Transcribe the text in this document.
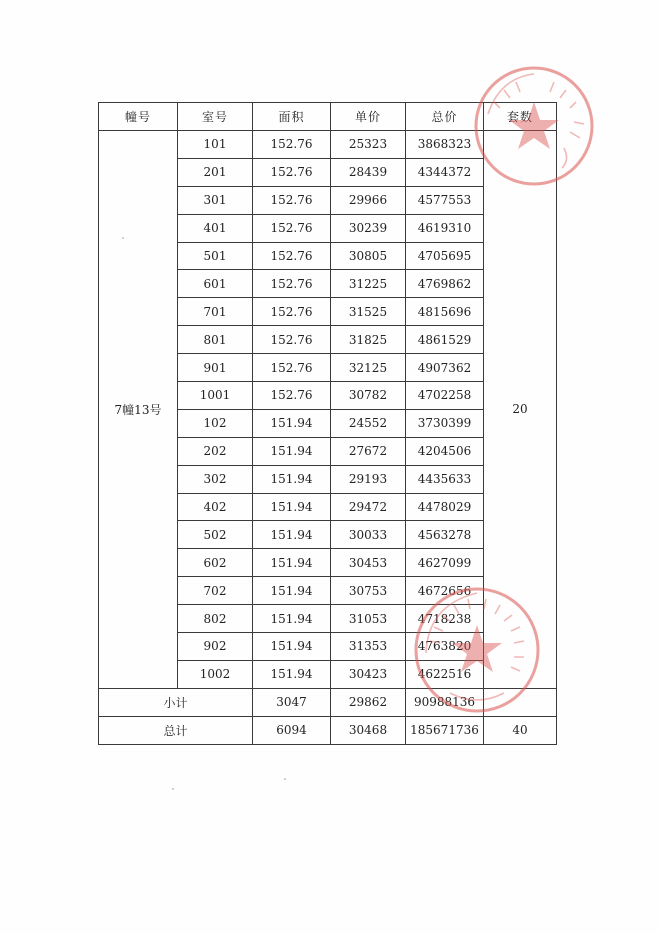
幢号	室号	面积	单价	总价	套数
7幢13号	101	152.76	25323	3868323	20
	201	152.76	28439	4344372	
	301	152.76	29966	4577553	
	401	152.76	30239	4619310	
	501	152.76	30805	4705695	
	601	152.76	31225	4769862	
	701	152.76	31525	4815696	
	801	152.76	31825	4861529	
	901	152.76	32125	4907362	
	1001	152.76	30782	4702258	
	102	151.94	24552	3730399	
	202	151.94	27672	4204506	
	302	151.94	29193	4435633	
	402	151.94	29472	4478029	
	502	151.94	30033	4563278	
	602	151.94	30453	4627099	
	702	151.94	30753	4672656	
	802	151.94	31053	4718238	
	902	151.94	31353	4763820	
	1002	151.94	30423	4622516	
小计		3047	29862	90988136	
总计		6094	30468	185671736	40
